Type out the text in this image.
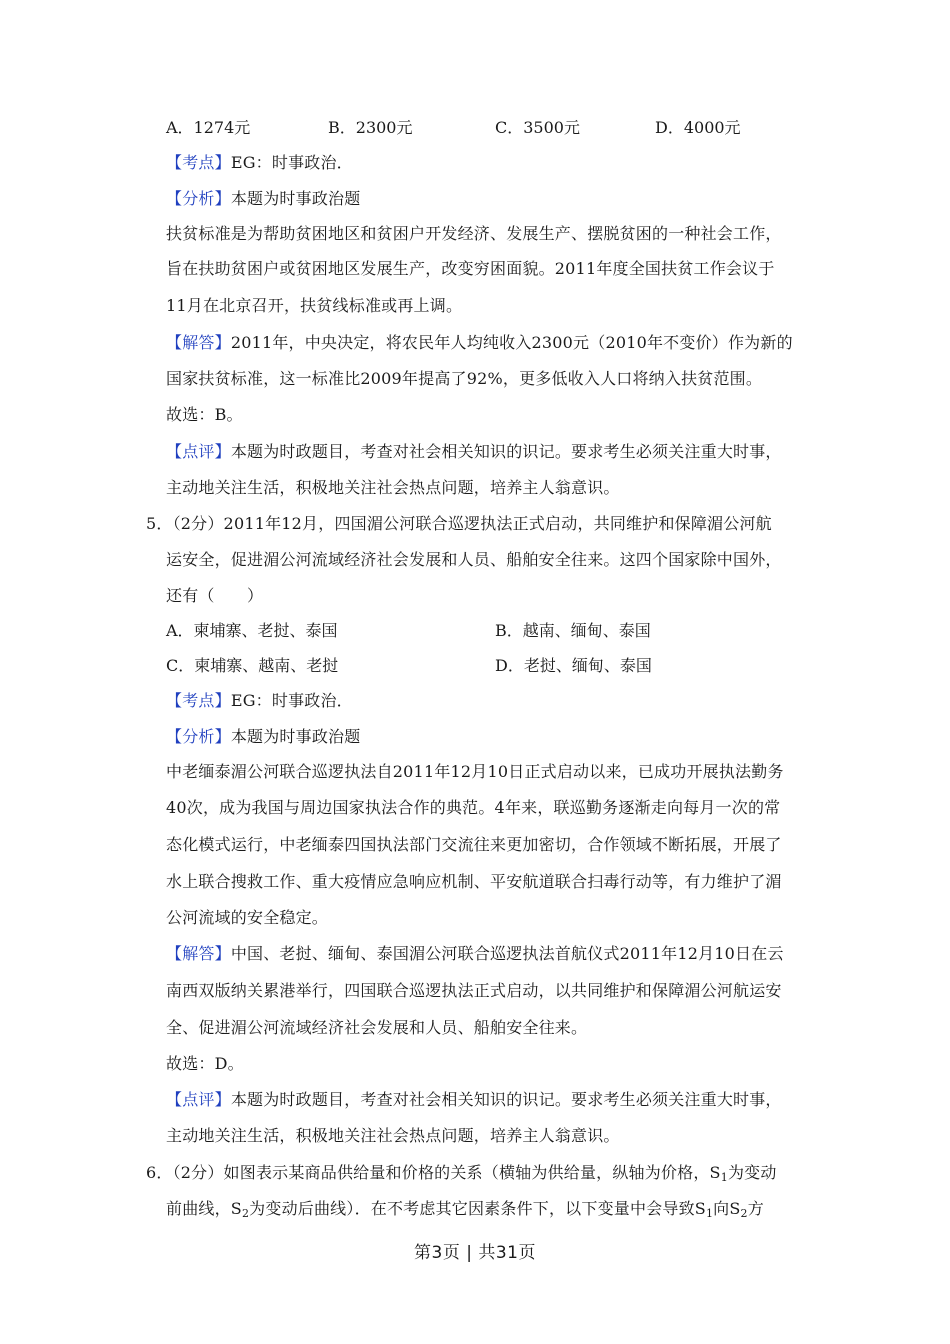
A．1274元	B．2300元	C．3500元	D．4000元
【考点】EG：时事政治．
【分析】本题为时事政治题
扶贫标准是为帮助贫困地区和贫困户开发经济、发展生产、摆脱贫困的一种社会工作，
旨在扶助贫困户或贫困地区发展生产，改变穷困面貌。2011年度全国扶贫工作会议于
11月在北京召开，扶贫线标准或再上调。
【解答】2011年，中央决定，将农民年人均纯收入2300元（2010年不变价）作为新的
国家扶贫标准，这一标准比2009年提高了92%，更多低收入人口将纳入扶贫范围。
故选：B。
【点评】本题为时政题目，考查对社会相关知识的识记。要求考生必须关注重大时事，
主动地关注生活，积极地关注社会热点问题，培养主人翁意识。
5．（2分）2011年12月，四国湄公河联合巡逻执法正式启动，共同维护和保障湄公河航
运安全，促进湄公河流域经济社会发展和人员、船舶安全往来。这四个国家除中国外，
还有（　　）
A．柬埔寨、老挝、泰国	B．越南、缅甸、泰国
C．柬埔寨、越南、老挝	D．老挝、缅甸、泰国
【考点】EG：时事政治．
【分析】本题为时事政治题
中老缅泰湄公河联合巡逻执法自2011年12月10日正式启动以来，已成功开展执法勤务
40次，成为我国与周边国家执法合作的典范。4年来，联巡勤务逐渐走向每月一次的常
态化模式运行，中老缅泰四国执法部门交流往来更加密切，合作领域不断拓展，开展了
水上联合搜救工作、重大疫情应急响应机制、平安航道联合扫毒行动等，有力维护了湄
公河流域的安全稳定。
【解答】中国、老挝、缅甸、泰国湄公河联合巡逻执法首航仪式2011年12月10日在云
南西双版纳关累港举行，四国联合巡逻执法正式启动，以共同维护和保障湄公河航运安
全、促进湄公河流域经济社会发展和人员、船舶安全往来。
故选：D。
【点评】本题为时政题目，考查对社会相关知识的识记。要求考生必须关注重大时事，
主动地关注生活，积极地关注社会热点问题，培养主人翁意识。
6．（2分）如图表示某商品供给量和价格的关系（横轴为供给量，纵轴为价格，$S_1$为变动
前曲线，$S_2$为变动后曲线）．在不考虑其它因素条件下，以下变量中会导致$S_1$向$S_2$方
第3页 | 共31页
